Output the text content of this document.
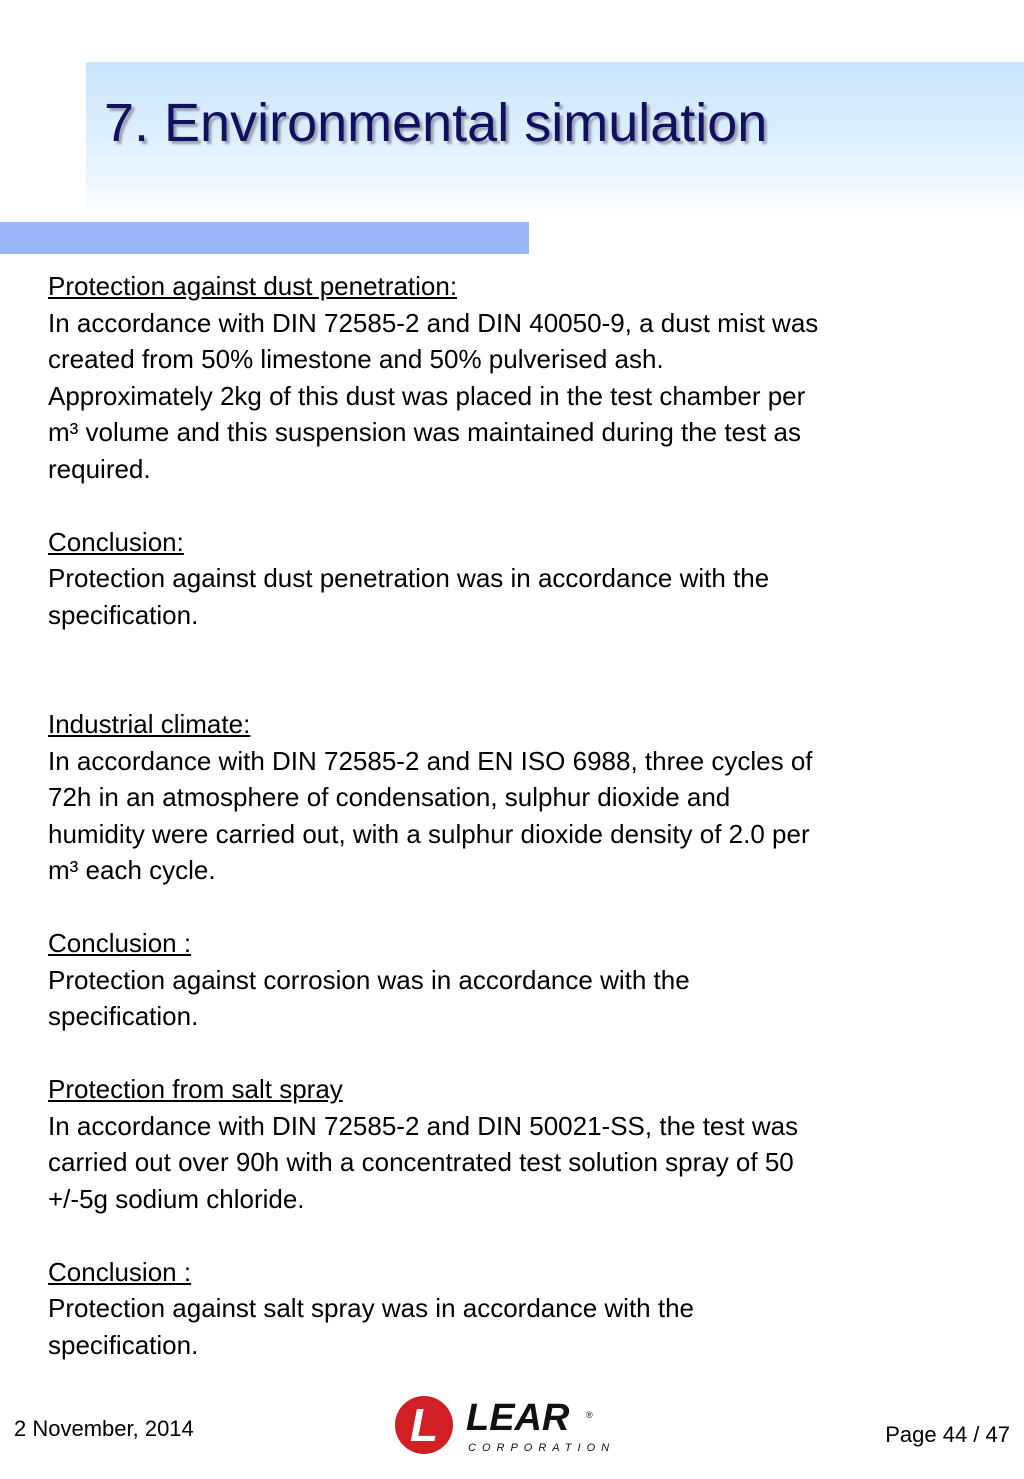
7. Environmental simulation

Protection against dust penetration:

In accordance with DIN 72585-2 and DIN 40050-9, a dust mist was

created from 50% limestone and 50% pulverised ash.

Approximately 2kg of this dust was placed in the test chamber per

m³ volume and this suspension was maintained during the test as

required.

Conclusion:

Protection against dust penetration was in accordance with the

specification.

Industrial climate:

In accordance with DIN 72585-2 and EN ISO 6988, three cycles of

72h in an atmosphere of condensation, sulphur dioxide and

humidity were carried out, with a sulphur dioxide density of 2.0 per

m³ each cycle.

Conclusion :

Protection against corrosion was in accordance with the

specification.

Protection from salt spray

In accordance with DIN 72585-2 and DIN 50021-SS, the test was

carried out over 90h with a concentrated test solution spray of 50

+/-5g sodium chloride.

Conclusion :

Protection against salt spray was in accordance with the

specification.

2 November, 2014	L LEAR ®
CORPORATION
Page 44 / 47
